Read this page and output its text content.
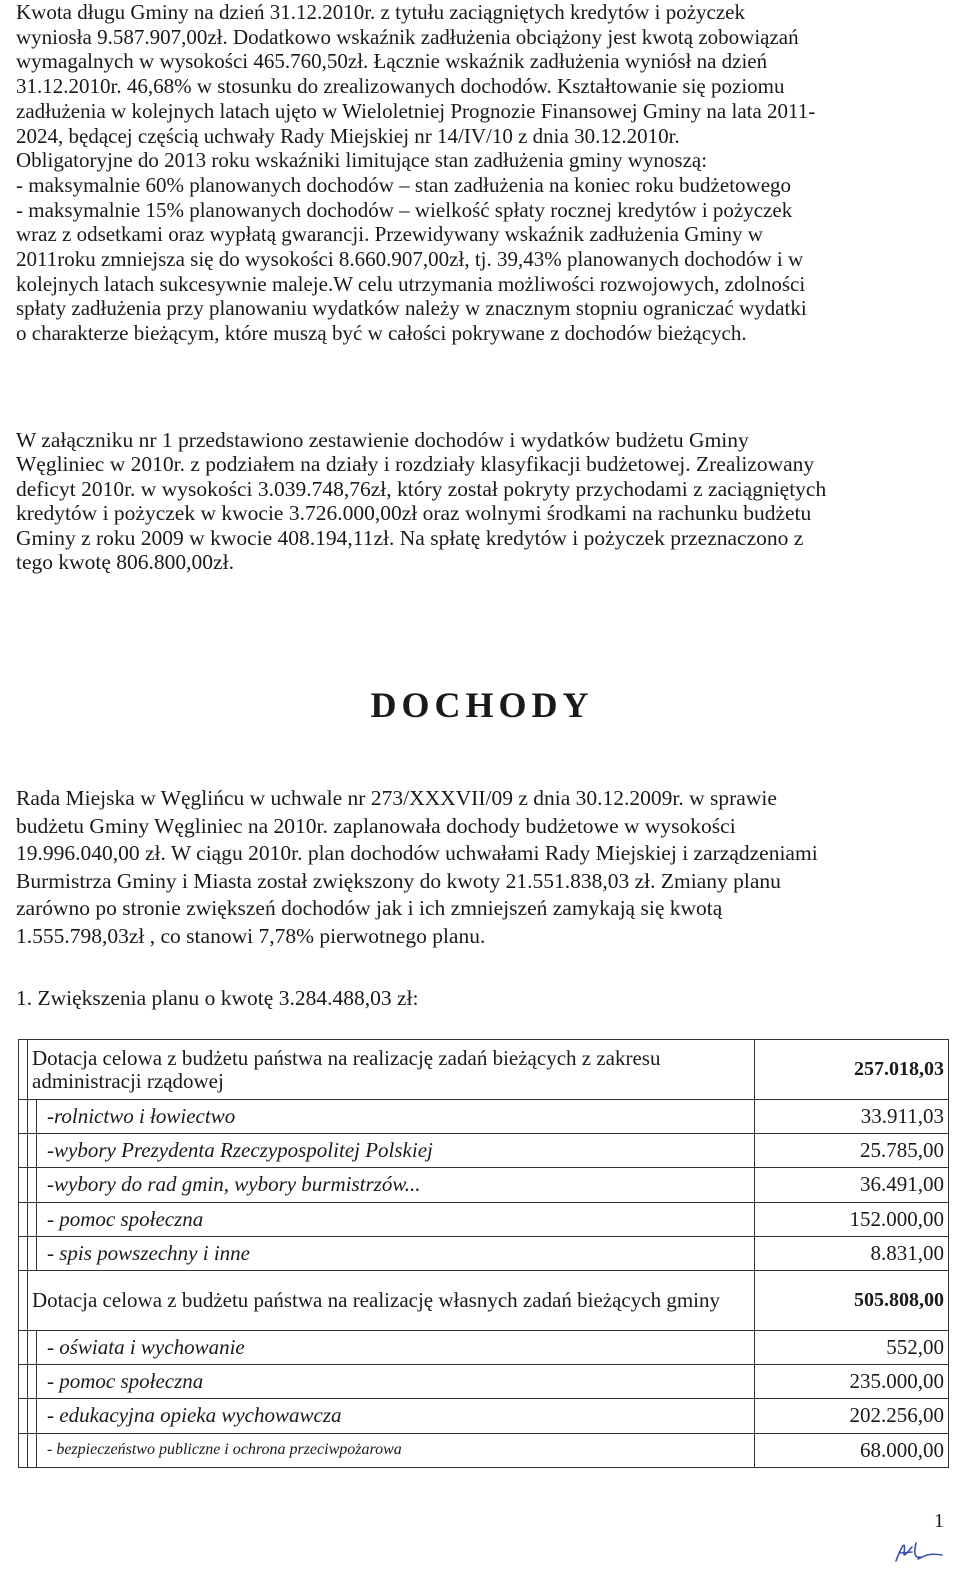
Kwota długu Gminy na dzień 31.12.2010r. z tytułu zaciągniętych kredytów i pożyczek
wyniosła 9.587.907,00zł. Dodatkowo wskaźnik zadłużenia obciążony jest kwotą zobowiązań
wymagalnych w wysokości 465.760,50zł. Łącznie wskaźnik zadłużenia wyniósł na dzień
31.12.2010r. 46,68% w stosunku do zrealizowanych dochodów. Kształtowanie się poziomu
zadłużenia w kolejnych latach ujęto w Wieloletniej Prognozie Finansowej Gminy na lata 2011-
2024, będącej częścią uchwały Rady Miejskiej nr 14/IV/10 z dnia 30.12.2010r.
Obligatoryjne do 2013 roku wskaźniki limitujące stan zadłużenia gminy wynoszą:
- maksymalnie 60% planowanych dochodów – stan zadłużenia na koniec roku budżetowego
- maksymalnie 15% planowanych dochodów – wielkość spłaty rocznej kredytów i pożyczek
wraz z odsetkami oraz wypłatą gwarancji. Przewidywany wskaźnik zadłużenia Gminy w
2011roku zmniejsza się do wysokości 8.660.907,00zł, tj. 39,43% planowanych dochodów i w
kolejnych latach sukcesywnie maleje.W celu utrzymania możliwości rozwojowych, zdolności
spłaty zadłużenia przy planowaniu wydatków należy w znacznym stopniu ograniczać wydatki
o charakterze bieżącym, które muszą być w całości pokrywane z dochodów bieżących.
W załączniku nr 1 przedstawiono zestawienie dochodów i wydatków budżetu Gminy
Węgliniec w 2010r. z podziałem na działy i rozdziały klasyfikacji budżetowej. Zrealizowany
deficyt 2010r. w wysokości 3.039.748,76zł, który został pokryty przychodami z zaciągniętych
kredytów i pożyczek w kwocie 3.726.000,00zł oraz wolnymi środkami na rachunku budżetu
Gminy z roku 2009 w kwocie 408.194,11zł. Na spłatę kredytów i pożyczek przeznaczono z
tego kwotę 806.800,00zł.
DOCHODY
Rada Miejska w Węglińcu w uchwale nr 273/XXXVII/09 z dnia 30.12.2009r. w sprawie
budżetu Gminy Węgliniec na 2010r. zaplanowała dochody budżetowe w wysokości
19.996.040,00 zł. W ciągu 2010r. plan dochodów uchwałami Rady Miejskiej i zarządzeniami
Burmistrza Gminy i Miasta został zwiększony do kwoty 21.551.838,03 zł. Zmiany planu
zarówno po stronie zwiększeń dochodów jak i ich zmniejszeń zamykają się kwotą
1.555.798,03zł , co stanowi 7,78% pierwotnego planu.
1. Zwiększenia planu o kwotę 3.284.488,03 zł:
	Dotacja celowa z budżetu państwa na realizację zadań bieżących z zakresu administracji rządowej		257.018,03
		-rolnictwo i łowiectwo	33.911,03
		-wybory Prezydenta Rzeczypospolitej Polskiej	25.785,00
		-wybory do rad gmin, wybory burmistrzów...	36.491,00
		- pomoc społeczna	152.000,00
		- spis powszechny i inne	8.831,00
	Dotacja celowa z budżetu państwa na realizację własnych zadań bieżących gminy		505.808,00
		- oświata i wychowanie	552,00
		- pomoc społeczna	235.000,00
		- edukacyjna opieka wychowawcza	202.256,00
		- bezpieczeństwo publiczne i ochrona przeciwpożarowa	68.000,00
1
